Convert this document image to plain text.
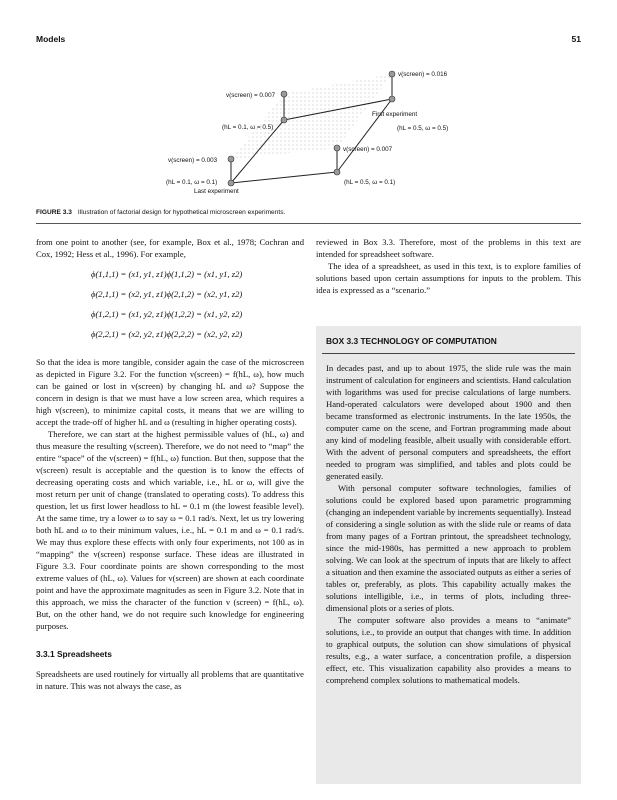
Models	51
v(screen) = 0.016
v(screen) = 0.007
First experiment
(hL = 0.1, ω = 0.5)	(hL = 0.5, ω = 0.5)
v(screen) = 0.007
v(screen) = 0.003
(hL = 0.1, ω = 0.1)	(hL = 0.5, ω = 0.1)
Last experiment
FIGURE 3.3 Illustration of factorial design for hypothetical microscreen experiments.

from one point to another (see, for example, Box et al., 1978; Cochran and Cox, 1992; Hess et al., 1996). For example,

ϕ(1,1,1) = (x1, y1, z1)ϕ(1,1,2) = (x1, y1, z2)
ϕ(2,1,1) = (x2, y1, z1)ϕ(2,1,2) = (x2, y1, z2)
ϕ(1,2,1) = (x1, y2, z1)ϕ(1,2,2) = (x1, y2, z2)
ϕ(2,2,1) = (x2, y2, z1)ϕ(2,2,2) = (x2, y2, z2)

So that the idea is more tangible, consider again the case of the microscreen as depicted in Figure 3.2. For the function v(screen) = f(hL, ω), how much can be gained or lost in v(screen) by changing hL and ω? Suppose the concern in design is that we must have a low screen area, which requires a high v(screen), to minimize capital costs, it means that we are willing to accept the trade-off of higher hL and ω (resulting in higher operating costs).

Therefore, we can start at the highest permissible values of (hL, ω) and thus measure the resulting v(screen). Therefore, we do not need to “map” the entire “space” of the v(screen) = f(hL, ω) function. But then, suppose that the v(screen) result is acceptable and the question is to know the effects of decreasing operating costs and which variable, i.e., hL or ω, will give the most return per unit of change (translated to operating costs). To address this question, let us first lower headloss to hL = 0.1 m (the lowest feasible level). At the same time, try a lower ω to say ω = 0.1 rad/s. Next, let us try lowering both hL and ω to their minimum values, i.e., hL = 0.1 m and ω = 0.1 rad/s. We may thus explore these effects with only four experiments, not 100 as in “mapping” the v(screen) response surface. These ideas are illustrated in Figure 3.3. Four coordinate points are shown corresponding to the most extreme values of (hL, ω). Values for v(screen) are shown at each coordinate point and have the approximate magnitudes as seen in Figure 3.2. Note that in this approach, we miss the character of the function v (screen) = f(hL, ω). But, on the other hand, we do not require such knowledge for engineering purposes.

3.3.1 Spreadsheets

Spreadsheets are used routinely for virtually all problems that are quantitative in nature. This was not always the case, as

reviewed in Box 3.3. Therefore, most of the problems in this text are intended for spreadsheet software.

The idea of a spreadsheet, as used in this text, is to explore families of solutions based upon certain assumptions for inputs to the problem. This idea is expressed as a “scenario.”

BOX 3.3 TECHNOLOGY OF COMPUTATION

In decades past, and up to about 1975, the slide rule was the main instrument of calculation for engineers and scientists. Hand calculation with logarithms was used for precise calculations of large numbers. Hand-operated calculators were developed about 1900 and then became transformed as electronic instruments. In the late 1950s, the computer came on the scene, and Fortran programming made about any kind of modeling feasible, albeit usually with considerable effort. With the advent of personal computers and spreadsheets, the effort needed to program was simplified, and tables and plots could be generated easily.

With personal computer software technologies, families of solutions could be explored based upon parametric programming (changing an independent variable by increments sequentially). Instead of considering a single solution as with the slide rule or reams of data from many pages of a Fortran printout, the spreadsheet technology, since the mid-1980s, has permitted a new approach to problem solving. We can look at the spectrum of inputs that are likely to affect a situation and then examine the associated outputs as either a series of tables or, preferably, as plots. This capability actually makes the solutions intelligible, i.e., in terms of plots, including three-dimensional plots or a series of plots.

The computer software also provides a means to “animate” solutions, i.e., to provide an output that changes with time. In addition to graphical outputs, the solution can show simulations of physical results, e.g., a water surface, a concentration profile, a dispersion effect, etc. This visualization capability also provides a means to comprehend complex solutions to mathematical models.
